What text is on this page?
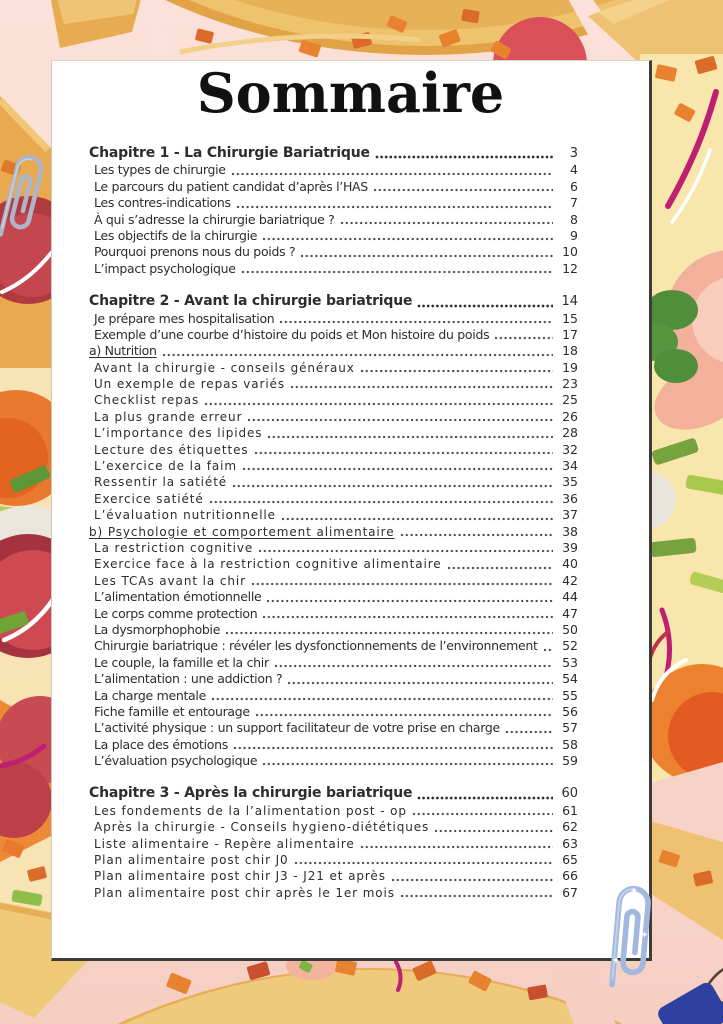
Sommaire
Chapitre 1 - La Chirurgie Bariatrique	3
Les types de chirurgie	4
Le parcours du patient candidat d’après l’HAS	6
Les contres-indications	7
À qui s’adresse la chirurgie bariatrique ?	8
Les objectifs de la chirurgie	9
Pourquoi prenons nous du poids ?	10
L’impact psychologique	12
Chapitre 2 - Avant la chirurgie bariatrique	14
Je prépare mes hospitalisation	15
Exemple d’une courbe d’histoire du poids et Mon histoire du poids	17
a) Nutrition	18
Avant la chirurgie - conseils généraux	19
Un exemple de repas variés	23
Checklist repas	25
La plus grande erreur	26
L’importance des lipides	28
Lecture des étiquettes	32
L’exercice de la faim	34
Ressentir la satiété	35
Exercice satiété	36
L’évaluation nutritionnelle	37
b) Psychologie et comportement alimentaire	38
La restriction cognitive	39
Exercice face à la restriction cognitive alimentaire	40
Les TCAs avant la chir	42
L’alimentation émotionnelle	44
Le corps comme protection	47
La dysmorphophobie	50
Chirurgie bariatrique : révéler les dysfonctionnements de l’environnement	52
Le couple, la famille et la chir	53
L’alimentation : une addiction ?	54
La charge mentale	55
Fiche famille et entourage	56
L’activité physique : un support facilitateur de votre prise en charge	57
La place des émotions	58
L’évaluation psychologique	59
Chapitre 3 - Après la chirurgie bariatrique	60
Les fondements de la l’alimentation post - op	61
Après la chirurgie - Conseils hygieno-diététiques	62
Liste alimentaire - Repère alimentaire	63
Plan alimentaire post chir J0	65
Plan alimentaire post chir J3 - J21 et après	66
Plan alimentaire post chir après le 1er mois	67
